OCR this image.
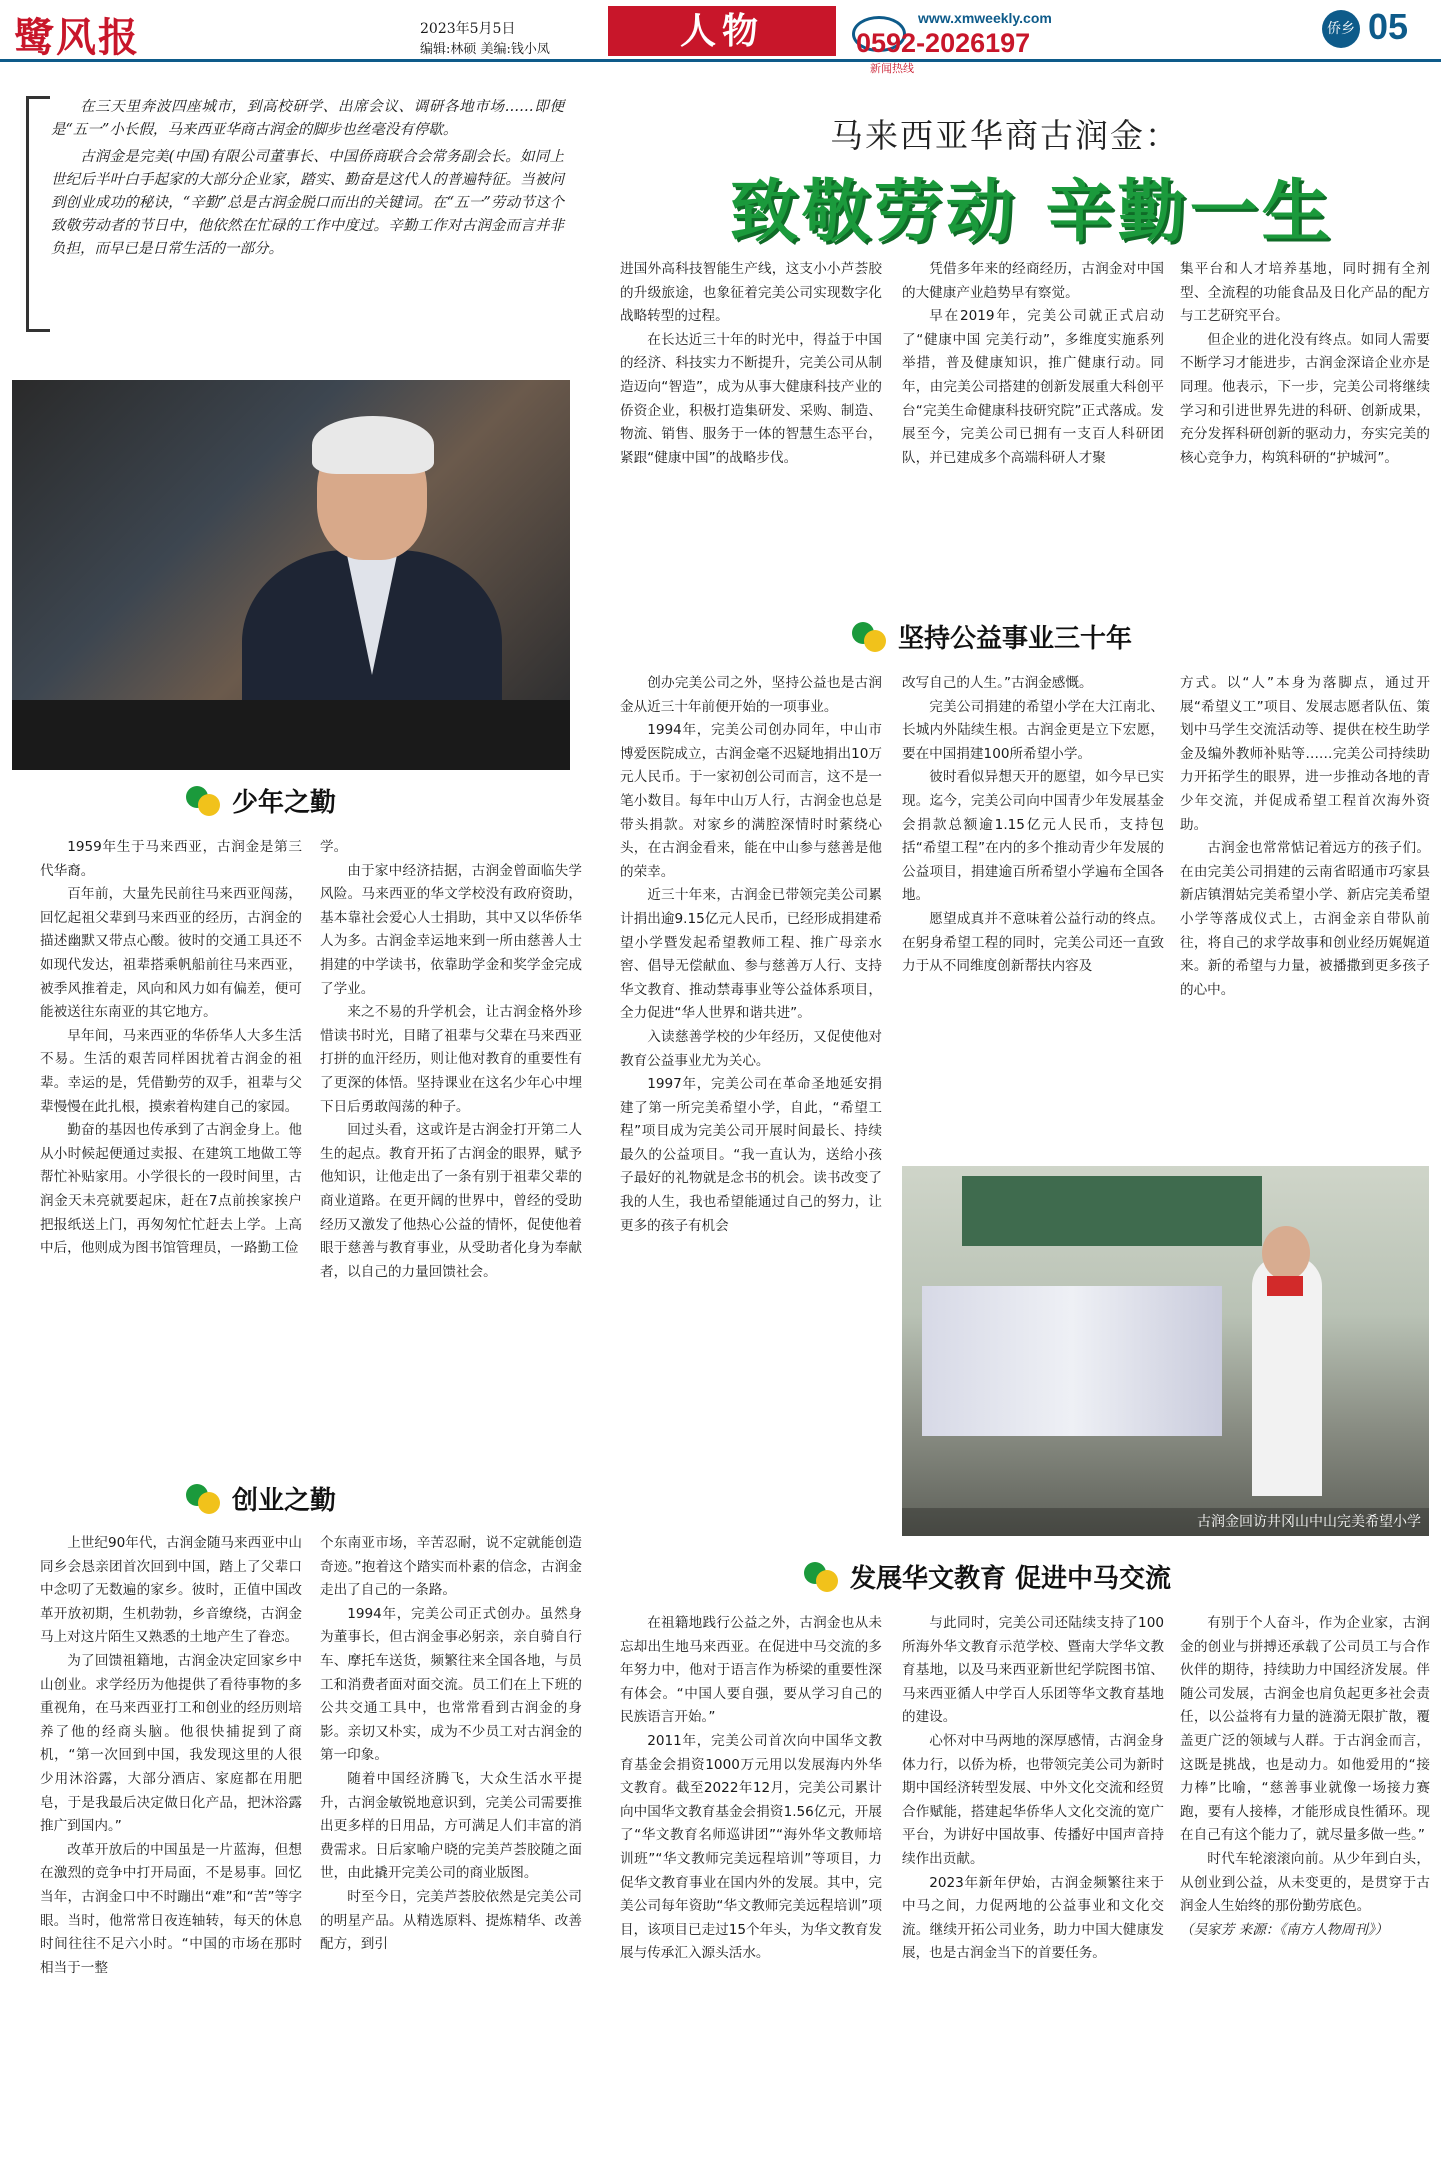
鹭风报	2023年5月5日
编辑:林硕 美编:钱小凤	人物	www.xmweekly.com
0592-2026197
新闻热线
侨乡 05

在三天里奔波四座城市，到高校研学、出席会议、调研各地市场……即便是“五一”小长假，马来西亚华商古润金的脚步也丝毫没有停歇。

古润金是完美(中国)有限公司董事长、中国侨商联合会常务副会长。如同上世纪后半叶白手起家的大部分企业家，踏实、勤奋是这代人的普遍特征。当被问到创业成功的秘诀，“辛勤”总是古润金脱口而出的关键词。在“五一”劳动节这个致敬劳动者的节日中，他依然在忙碌的工作中度过。辛勤工作对古润金而言并非负担，而早已是日常生活的一部分。

马来西亚华商古润金：
致敬劳动 辛勤一生

进国外高科技智能生产线，这支小小芦荟胶的升级旅途，也象征着完美公司实现数字化战略转型的过程。

在长达近三十年的时光中，得益于中国的经济、科技实力不断提升，完美公司从制造迈向“智造”，成为从事大健康科技产业的侨资企业，积极打造集研发、采购、制造、物流、销售、服务于一体的智慧生态平台，紧跟“健康中国”的战略步伐。

凭借多年来的经商经历，古润金对中国的大健康产业趋势早有察觉。

早在2019年，完美公司就正式启动了“健康中国 完美行动”，多维度实施系列举措，普及健康知识，推广健康行动。同年，由完美公司搭建的创新发展重大科创平台“完美生命健康科技研究院”正式落成。发展至今，完美公司已拥有一支百人科研团队，并已建成多个高端科研人才聚

集平台和人才培养基地，同时拥有全剂型、全流程的功能食品及日化产品的配方与工艺研究平台。

但企业的进化没有终点。如同人需要不断学习才能进步，古润金深谙企业亦是同理。他表示，下一步，完美公司将继续学习和引进世界先进的科研、创新成果，充分发挥科研创新的驱动力，夯实完美的核心竞争力，构筑科研的“护城河”。

坚持公益事业三十年

创办完美公司之外，坚持公益也是古润金从近三十年前便开始的一项事业。

1994年，完美公司创办同年，中山市博爱医院成立，古润金毫不迟疑地捐出10万元人民币。于一家初创公司而言，这不是一笔小数目。每年中山万人行，古润金也总是带头捐款。对家乡的满腔深情时时萦绕心头，在古润金看来，能在中山参与慈善是他的荣幸。

近三十年来，古润金已带领完美公司累计捐出逾9.15亿元人民币，已经形成捐建希望小学暨发起希望教师工程、推广母亲水窖、倡导无偿献血、参与慈善万人行、支持华文教育、推动禁毒事业等公益体系项目，全力促进“华人世界和谐共进”。

入读慈善学校的少年经历，又促使他对教育公益事业尤为关心。

1997年，完美公司在革命圣地延安捐建了第一所完美希望小学，自此，“希望工程”项目成为完美公司开展时间最长、持续最久的公益项目。“我一直认为，送给小孩子最好的礼物就是念书的机会。读书改变了我的人生，我也希望能通过自己的努力，让更多的孩子有机会

改写自己的人生。”古润金感慨。

完美公司捐建的希望小学在大江南北、长城内外陆续生根。古润金更是立下宏愿，要在中国捐建100所希望小学。

彼时看似异想天开的愿望，如今早已实现。迄今，完美公司向中国青少年发展基金会捐款总额逾1.15亿元人民币，支持包括“希望工程”在内的多个推动青少年发展的公益项目，捐建逾百所希望小学遍布全国各地。

愿望成真并不意味着公益行动的终点。在躬身希望工程的同时，完美公司还一直致力于从不同维度创新帮扶内容及

方式。以“人”本身为落脚点，通过开展“希望义工”项目、发展志愿者队伍、策划中马学生交流活动等、提供在校生助学金及编外教师补贴等……完美公司持续助力开拓学生的眼界，进一步推动各地的青少年交流，并促成希望工程首次海外资助。

古润金也常常惦记着远方的孩子们。在由完美公司捐建的云南省昭通市巧家县新店镇渭姑完美希望小学、新店完美希望小学等落成仪式上，古润金亲自带队前往，将自己的求学故事和创业经历娓娓道来。新的希望与力量，被播撒到更多孩子的心中。

古润金回访井冈山中山完美希望小学
少年之勤

1959年生于马来西亚，古润金是第三代华裔。

百年前，大量先民前往马来西亚闯荡，回忆起祖父辈到马来西亚的经历，古润金的描述幽默又带点心酸。彼时的交通工具还不如现代发达，祖辈搭乘帆船前往马来西亚，被季风推着走，风向和风力如有偏差，便可能被送往东南亚的其它地方。

早年间，马来西亚的华侨华人大多生活不易。生活的艰苦同样困扰着古润金的祖辈。幸运的是，凭借勤劳的双手，祖辈与父辈慢慢在此扎根，摸索着构建自己的家园。

勤奋的基因也传承到了古润金身上。他从小时候起便通过卖报、在建筑工地做工等帮忙补贴家用。小学很长的一段时间里，古润金天未亮就要起床，赶在7点前挨家挨户把报纸送上门，再匆匆忙忙赶去上学。上高中后，他则成为图书馆管理员，一路勤工俭

学。

由于家中经济拮据，古润金曾面临失学风险。马来西亚的华文学校没有政府资助，基本靠社会爱心人士捐助，其中又以华侨华人为多。古润金幸运地来到一所由慈善人士捐建的中学读书，依靠助学金和奖学金完成了学业。

来之不易的升学机会，让古润金格外珍惜读书时光，目睹了祖辈与父辈在马来西亚打拼的血汗经历，则让他对教育的重要性有了更深的体悟。坚持课业在这名少年心中埋下日后勇敢闯荡的种子。

回过头看，这或许是古润金打开第二人生的起点。教育开拓了古润金的眼界，赋予他知识，让他走出了一条有别于祖辈父辈的商业道路。在更开阔的世界中，曾经的受助经历又激发了他热心公益的情怀，促使他着眼于慈善与教育事业，从受助者化身为奉献者，以自己的力量回馈社会。

创业之勤

上世纪90年代，古润金随马来西亚中山同乡会恳亲团首次回到中国，踏上了父辈口中念叨了无数遍的家乡。彼时，正值中国改革开放初期，生机勃勃，乡音缭绕，古润金马上对这片陌生又熟悉的土地产生了眷恋。

为了回馈祖籍地，古润金决定回家乡中山创业。求学经历为他提供了看待事物的多重视角，在马来西亚打工和创业的经历则培养了他的经商头脑。他很快捕捉到了商机，“第一次回到中国，我发现这里的人很少用沐浴露，大部分酒店、家庭都在用肥皂，于是我最后决定做日化产品，把沐浴露推广到国内。”

改革开放后的中国虽是一片蓝海，但想在激烈的竞争中打开局面，不是易事。回忆当年，古润金口中不时蹦出“难”和“苦”等字眼。当时，他常常日夜连轴转，每天的休息时间往往不足六小时。“中国的市场在那时相当于一整

个东南亚市场，辛苦忍耐，说不定就能创造奇迹。”抱着这个踏实而朴素的信念，古润金走出了自己的一条路。

1994年，完美公司正式创办。虽然身为董事长，但古润金事必躬亲，亲自骑自行车、摩托车送货，频繁往来全国各地，与员工和消费者面对面交流。员工们在上下班的公共交通工具中，也常常看到古润金的身影。亲切又朴实，成为不少员工对古润金的第一印象。

随着中国经济腾飞，大众生活水平提升，古润金敏锐地意识到，完美公司需要推出更多样的日用品，方可满足人们丰富的消费需求。日后家喻户晓的完美芦荟胶随之面世，由此撬开完美公司的商业版图。

时至今日，完美芦荟胶依然是完美公司的明星产品。从精选原料、提炼精华、改善配方，到引

发展华文教育 促进中马交流

在祖籍地践行公益之外，古润金也从未忘却出生地马来西亚。在促进中马交流的多年努力中，他对于语言作为桥梁的重要性深有体会。“中国人要自强，要从学习自己的民族语言开始。”

2011年，完美公司首次向中国华文教育基金会捐资1000万元用以发展海内外华文教育。截至2022年12月，完美公司累计向中国华文教育基金会捐资1.56亿元，开展了“华文教育名师巡讲团”“海外华文教师培训班”“华文教师完美远程培训”等项目，力促华文教育事业在国内外的发展。其中，完美公司每年资助“华文教师完美远程培训”项目，该项目已走过15个年头，为华文教育发展与传承汇入源头活水。

与此同时，完美公司还陆续支持了100所海外华文教育示范学校、暨南大学华文教育基地，以及马来西亚新世纪学院图书馆、马来西亚循人中学百人乐团等华文教育基地的建设。

心怀对中马两地的深厚感情，古润金身体力行，以侨为桥，也带领完美公司为新时期中国经济转型发展、中外文化交流和经贸合作赋能，搭建起华侨华人文化交流的宽广平台，为讲好中国故事、传播好中国声音持续作出贡献。

2023年新年伊始，古润金频繁往来于中马之间，力促两地的公益事业和文化交流。继续开拓公司业务，助力中国大健康发展，也是古润金当下的首要任务。

有别于个人奋斗，作为企业家，古润金的创业与拼搏还承载了公司员工与合作伙伴的期待，持续助力中国经济发展。伴随公司发展，古润金也肩负起更多社会责任，以公益将有力量的涟漪无限扩散，覆盖更广泛的领域与人群。于古润金而言，这既是挑战，也是动力。如他爱用的“接力棒”比喻，“慈善事业就像一场接力赛跑，要有人接棒，才能形成良性循环。现在自己有这个能力了，就尽量多做一些。”

时代车轮滚滚向前。从少年到白头，从创业到公益，从未变更的，是贯穿于古润金人生始终的那份勤劳底色。

（吴家芳 来源：《南方人物周刊》）
